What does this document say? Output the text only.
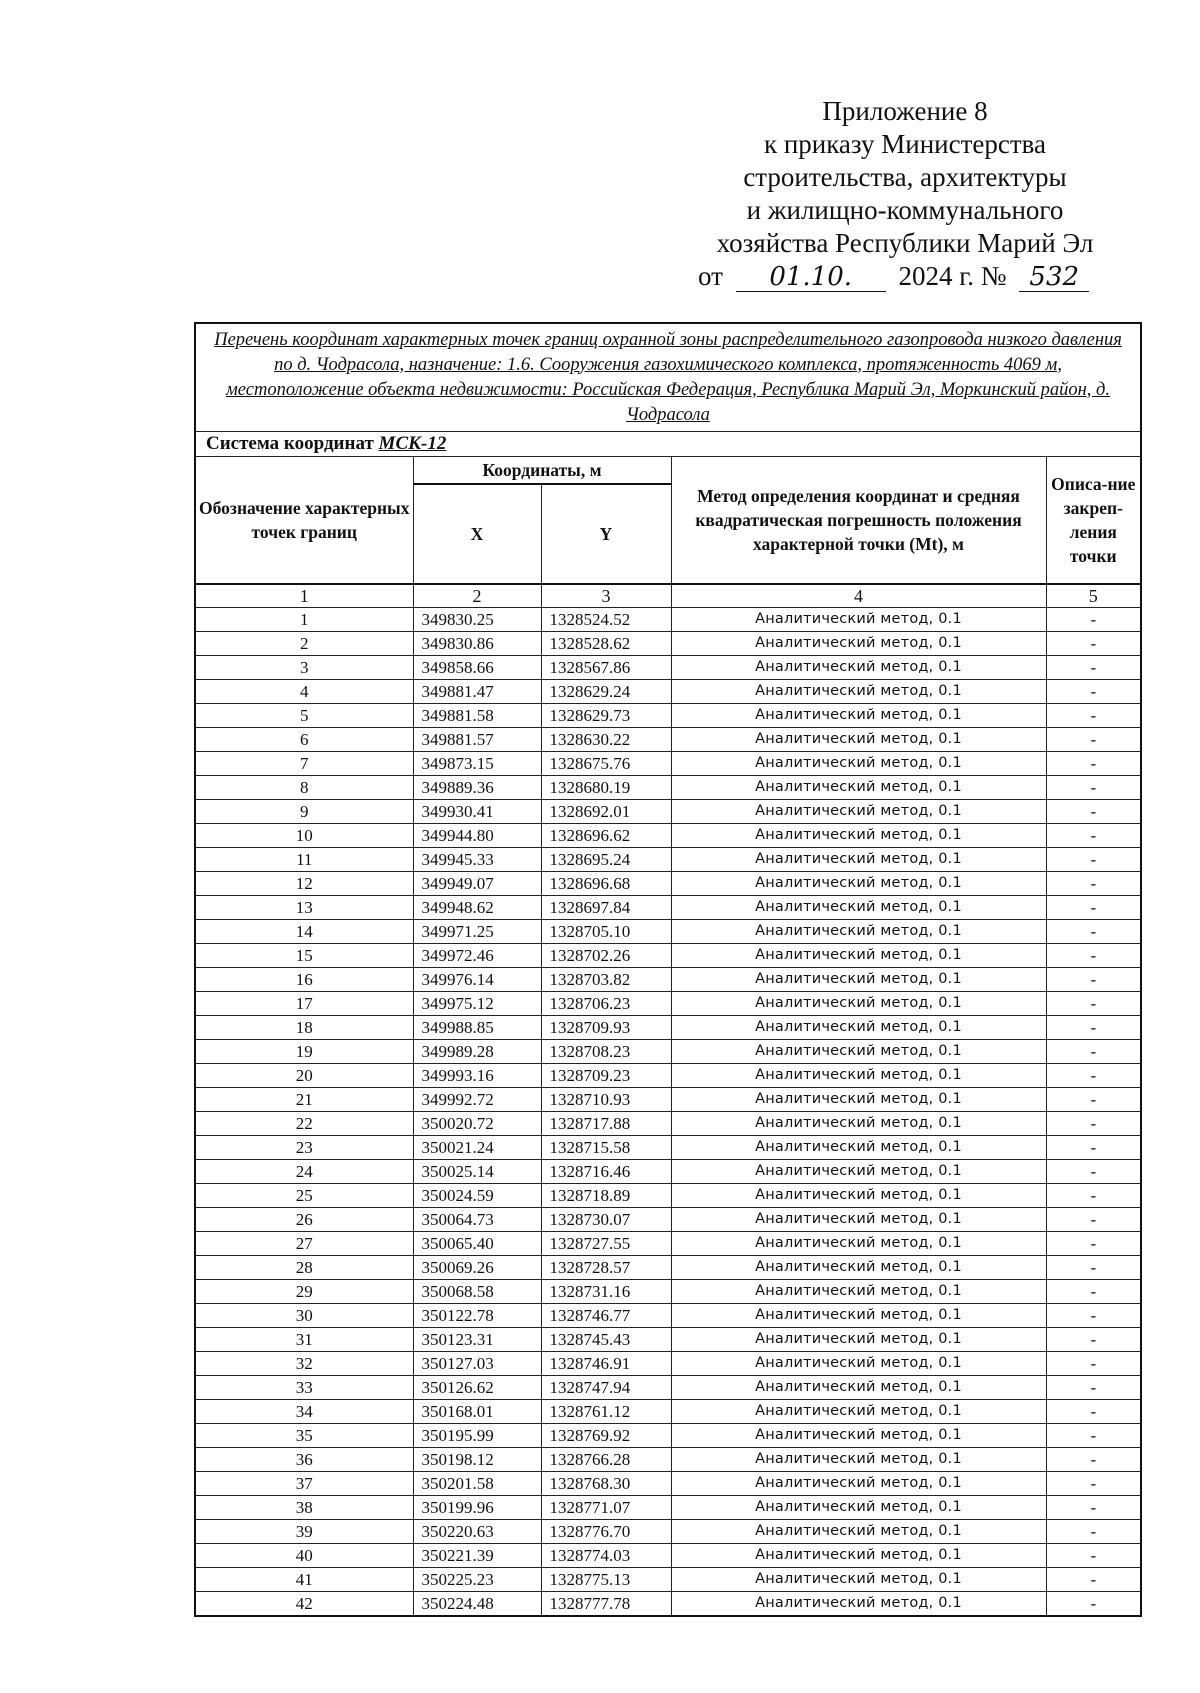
Приложение 8
к приказу Министерства
строительства, архитектуры
и жилищно-коммунального
хозяйства Республики Марий Эл
от 01.10. 2024 г. № 532
Перечень координат характерных точек границ охранной зоны распределительного газопровода низкого давления по д. Чодрасола, назначение: 1.6. Сооружения газохимического комплекса, протяженность 4069 м, местоположение объекта недвижимости: Российская Федерация, Республика Марий Эл, Моркинский район, д. Чодрасола				
Система координат МСК-12				
Обозначение характерных точек границ	Координаты, м		Метод определения координат и средняя квадратическая погрешность положения характерной точки (Mt), м	Описа-ние закреп-ления точки
	X	Y		
1	2	3	4	5
1	349830.25	1328524.52	Аналитический метод, 0.1	-
2	349830.86	1328528.62	Аналитический метод, 0.1	-
3	349858.66	1328567.86	Аналитический метод, 0.1	-
4	349881.47	1328629.24	Аналитический метод, 0.1	-
5	349881.58	1328629.73	Аналитический метод, 0.1	-
6	349881.57	1328630.22	Аналитический метод, 0.1	-
7	349873.15	1328675.76	Аналитический метод, 0.1	-
8	349889.36	1328680.19	Аналитический метод, 0.1	-
9	349930.41	1328692.01	Аналитический метод, 0.1	-
10	349944.80	1328696.62	Аналитический метод, 0.1	-
11	349945.33	1328695.24	Аналитический метод, 0.1	-
12	349949.07	1328696.68	Аналитический метод, 0.1	-
13	349948.62	1328697.84	Аналитический метод, 0.1	-
14	349971.25	1328705.10	Аналитический метод, 0.1	-
15	349972.46	1328702.26	Аналитический метод, 0.1	-
16	349976.14	1328703.82	Аналитический метод, 0.1	-
17	349975.12	1328706.23	Аналитический метод, 0.1	-
18	349988.85	1328709.93	Аналитический метод, 0.1	-
19	349989.28	1328708.23	Аналитический метод, 0.1	-
20	349993.16	1328709.23	Аналитический метод, 0.1	-
21	349992.72	1328710.93	Аналитический метод, 0.1	-
22	350020.72	1328717.88	Аналитический метод, 0.1	-
23	350021.24	1328715.58	Аналитический метод, 0.1	-
24	350025.14	1328716.46	Аналитический метод, 0.1	-
25	350024.59	1328718.89	Аналитический метод, 0.1	-
26	350064.73	1328730.07	Аналитический метод, 0.1	-
27	350065.40	1328727.55	Аналитический метод, 0.1	-
28	350069.26	1328728.57	Аналитический метод, 0.1	-
29	350068.58	1328731.16	Аналитический метод, 0.1	-
30	350122.78	1328746.77	Аналитический метод, 0.1	-
31	350123.31	1328745.43	Аналитический метод, 0.1	-
32	350127.03	1328746.91	Аналитический метод, 0.1	-
33	350126.62	1328747.94	Аналитический метод, 0.1	-
34	350168.01	1328761.12	Аналитический метод, 0.1	-
35	350195.99	1328769.92	Аналитический метод, 0.1	-
36	350198.12	1328766.28	Аналитический метод, 0.1	-
37	350201.58	1328768.30	Аналитический метод, 0.1	-
38	350199.96	1328771.07	Аналитический метод, 0.1	-
39	350220.63	1328776.70	Аналитический метод, 0.1	-
40	350221.39	1328774.03	Аналитический метод, 0.1	-
41	350225.23	1328775.13	Аналитический метод, 0.1	-
42	350224.48	1328777.78	Аналитический метод, 0.1	-
